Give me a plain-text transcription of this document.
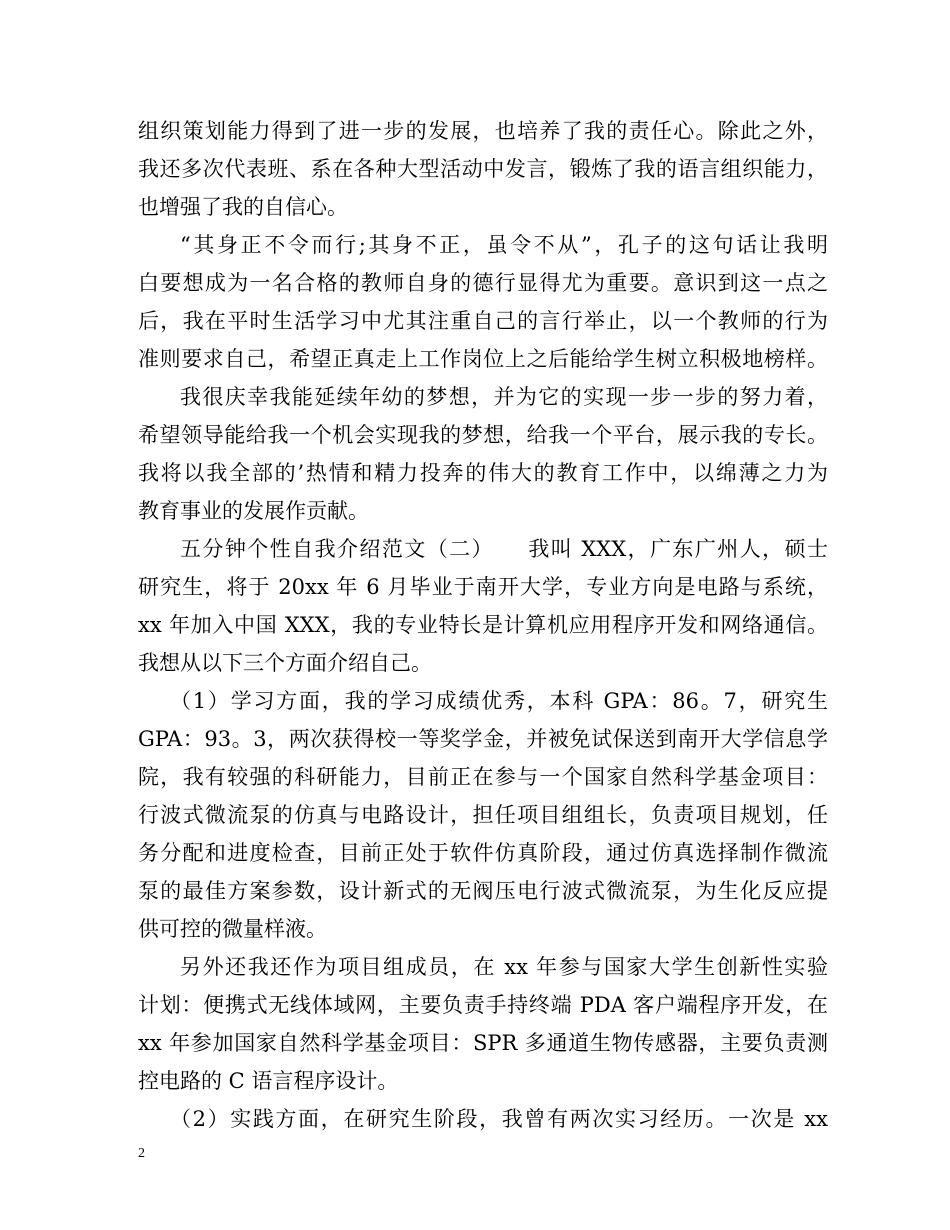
组织策划能力得到了进一步的发展，也培养了我的责任心。除此之外，
我还多次代表班、系在各种大型活动中发言，锻炼了我的语言组织能力，
也增强了我的自信心。
“其身正不令而行;其身不正，虽令不从”，孔子的这句话让我明
白要想成为一名合格的教师自身的德行显得尤为重要。意识到这一点之
后，我在平时生活学习中尤其注重自己的言行举止，以一个教师的行为
准则要求自己，希望正真走上工作岗位上之后能给学生树立积极地榜样。
我很庆幸我能延续年幼的梦想，并为它的实现一步一步的努力着，
希望领导能给我一个机会实现我的梦想，给我一个平台，展示我的专长。
我将以我全部的’热情和精力投奔的伟大的教育工作中，以绵薄之力为
教育事业的发展作贡献。
五分钟个性自我介绍范文（二）　　我叫 XXX，广东广州人，硕士
研究生，将于 20xx 年 6 月毕业于南开大学，专业方向是电路与系统，
xx 年加入中国 XXX，我的专业特长是计算机应用程序开发和网络通信。
我想从以下三个方面介绍自己。
（1）学习方面，我的学习成绩优秀，本科 GPA：86。7，研究生
GPA：93。3，两次获得校一等奖学金，并被免试保送到南开大学信息学
院，我有较强的科研能力，目前正在参与一个国家自然科学基金项目：
行波式微流泵的仿真与电路设计，担任项目组组长，负责项目规划，任
务分配和进度检查，目前正处于软件仿真阶段，通过仿真选择制作微流
泵的最佳方案参数，设计新式的无阀压电行波式微流泵，为生化反应提
供可控的微量样液。
另外还我还作为项目组成员，在 xx 年参与国家大学生创新性实验
计划：便携式无线体域网，主要负责手持终端 PDA 客户端程序开发，在
xx 年参加国家自然科学基金项目：SPR 多通道生物传感器，主要负责测
控电路的 C 语言程序设计。
（2）实践方面，在研究生阶段，我曾有两次实习经历。一次是 xx
2
